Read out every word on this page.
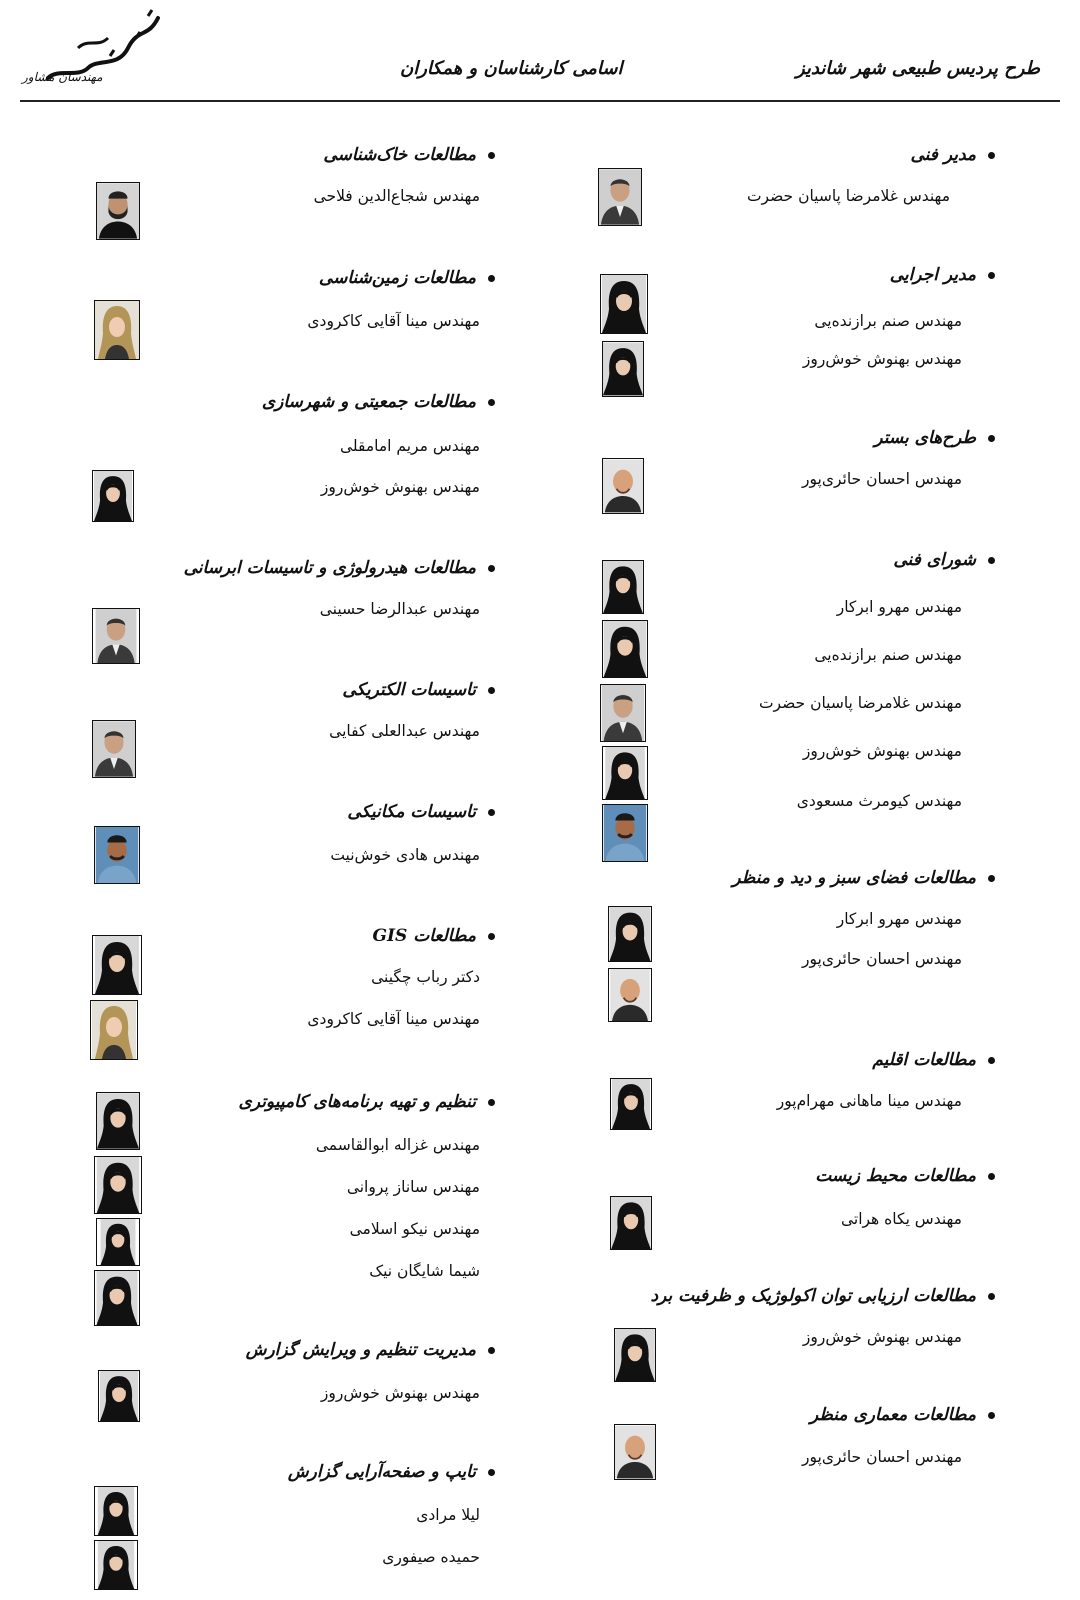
طرح پردیس طبیعی شهر شاندیز
اسامی کارشناسان و همکاران
مهندسان مشاور
مدیر فنی
مهندس غلامرضا پاسیان حضرت
مدیر اجرایی
مهندس صنم برازنده‌یی
مهندس بهنوش خوش‌روز
طرح‌های بستر
مهندس احسان حائری‌پور
شورای فنی
مهندس مهرو ابرکار
مهندس صنم برازنده‌یی
مهندس غلامرضا پاسیان حضرت
مهندس بهنوش خوش‌روز
مهندس کیومرث مسعودی
مطالعات فضای سبز و دید و منظر
مهندس مهرو ابرکار
مهندس احسان حائری‌پور
مطالعات اقلیم
مهندس مینا ماهانی مهرام‌پور
مطالعات محیط زیست
مهندس یکاه هراتی
مطالعات ارزیابی توان اکولوژیک و ظرفیت برد
مهندس بهنوش خوش‌روز
مطالعات معماری منظر
مهندس احسان حائری‌پور
مطالعات خاک‌شناسی
مهندس شجاع‌الدین فلاحی
مطالعات زمین‌شناسی
مهندس مینا آقایی کاکرودی
مطالعات جمعیتی و شهرسازی
مهندس مریم امامقلی
مهندس بهنوش خوش‌روز
مطالعات هیدرولوژی و تاسیسات ابرسانی
مهندس عبدالرضا حسینی
تاسیسات الکتریکی
مهندس عبدالعلی کفایی
تاسیسات مکانیکی
مهندس هادی خوش‌نیت
مطالعات GIS
دکتر رباب چگینی
مهندس مینا آقایی کاکرودی
تنظیم و تهیه برنامه‌های کامپیوتری
مهندس غزاله ابوالقاسمی
مهندس ساناز پروانی
مهندس نیکو اسلامی
شیما شایگان نیک
مدیریت تنظیم و ویرایش گزارش
مهندس بهنوش خوش‌روز
تایپ و صفحه‌آرایی گزارش
لیلا مرادی
حمیده صیفوری
